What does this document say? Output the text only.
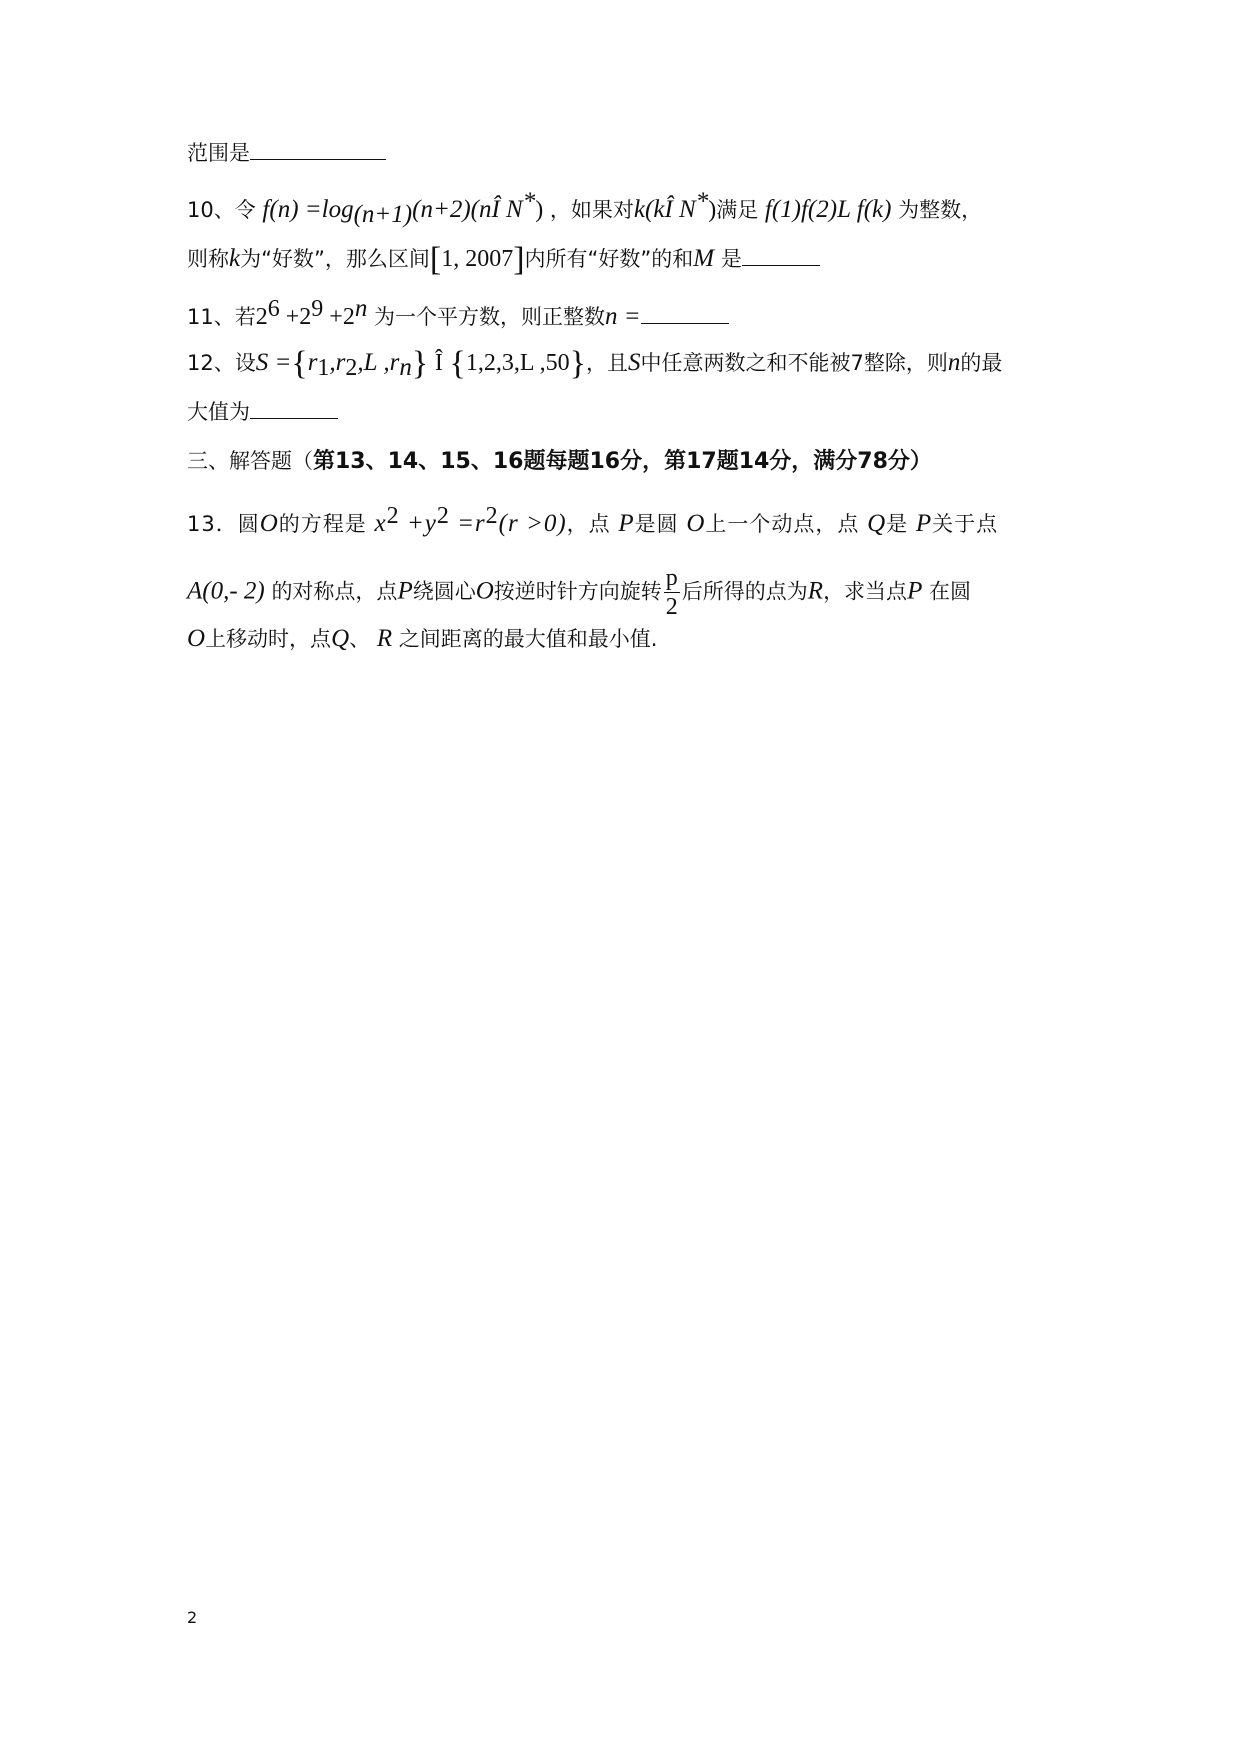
范围是
10、令 $f(n) =\log_{(n+1)}(n+2)(nÎ$ N*) ，如果对k(kÎ N*)满足 f(1)f(2)L f(k) 为整数，
则称k为“好数”，那么区间[1, 2007]内所有“好数”的和M 是
11、若$2^6 +2^9 +2^n$ 为一个平方数，则正整数n =
12、设$S =\{r_1,r_2,L$ $,r_n$} Î {1,2,3,L ,50}，且S中任意两数之和不能被7整除，则n的最
大值为
三、解答题（第13、14、15、16题每题16分，第17题14分，满分78分）
13．圆O的方程是 $x^2 +y^2 =r^2(r >0)$，点 P是圆 O上一个动点，点 Q是 P关于点
A(0,- 2) 的对称点，点P绕圆心O按逆时针方向旋转 $\frac{p}{2}$ 后所得的点为R，求当点P 在圆
O上移动时，点Q、 R 之间距离的最大值和最小值.
2
